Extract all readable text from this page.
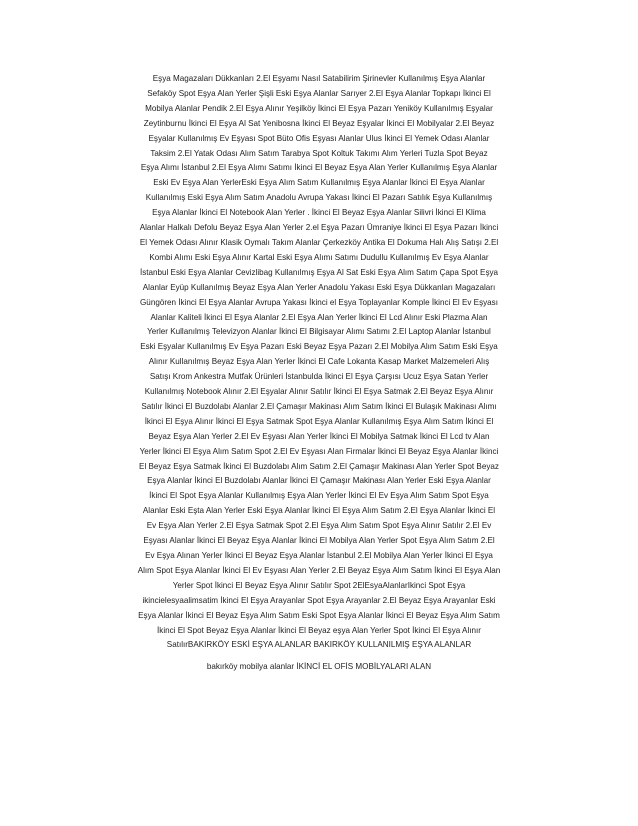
Eşya Magazaları Dükkanları 2.El Eşyamı Nasıl Satabilirim Şirinevler Kullanılmış Eşya Alanlar
Sefaköy Spot Eşya Alan Yerler Şişli Eski Eşya Alanlar Sarıyer 2.El Eşya Alanlar Topkapı İkinci El
Mobilya Alanlar Pendik 2.El Eşya Alınır Yeşilköy İkinci El Eşya Pazarı Yeniköy Kullanılmış Eşyalar
Zeytinburnu İkinci El Eşya Al Sat Yenibosna İkinci El Beyaz Eşyalar İkinci El Mobilyalar 2.El Beyaz
Eşyalar Kullanılmış Ev Eşyası Spot Büto Ofis Eşyası Alanlar Ulus İkinci El Yemek Odası Alanlar
Taksim 2.El Yatak Odası Alım Satım Tarabya Spot Koltuk Takımı Alım Yerleri Tuzla Spot Beyaz
Eşya Alımı İstanbul 2.El Eşya Alımı Satımı İkinci El Beyaz Eşya Alan Yerler Kullanılmış Eşya Alanlar
Eski Ev Eşya Alan YerlerEski Eşya Alım Satım Kullanılmış Eşya Alanlar İkinci El Eşya Alanlar
Kullanılmış Eski Eşya Alım Satım Anadolu Avrupa Yakası İkinci El Pazarı Satılık Eşya Kullanılmış
Eşya Alanlar İkinci El Notebook Alan Yerler . İkinci El Beyaz Eşya Alanlar Silivri İkinci El Klima
Alanlar Halkalı Defolu Beyaz Eşya Alan Yerler 2.el Eşya Pazarı Ümraniye İkinci El Eşya Pazarı İkinci
El Yemek Odası Alınır Klasik Oymalı Takım Alanlar Çerkezköy Antika El Dokuma Halı Alış Satışı 2.El
Kombi Alımı Eski Eşya Alınır Kartal Eski Eşya Alımı Satımı Dudullu Kullanılmış Ev Eşya Alanlar
İstanbul Eski Eşya Alanlar Cevizlibag Kullanılmış Eşya Al Sat Eski Eşya Alım Satım Çapa Spot Eşya
Alanlar Eyüp Kullanılmış Beyaz Eşya Alan Yerler Anadolu Yakası Eski Eşya Dükkanları Magazaları
Güngören İkinci El Eşya Alanlar Avrupa Yakası İkinci el Eşya Toplayanlar Komple İkinci El Ev Eşyası
Alanlar Kaliteli İkinci El Eşya Alanlar 2.El Eşya Alan Yerler İkinci El Lcd Alınır Eski Plazma Alan
Yerler Kullanılmış Televizyon Alanlar İkinci El Bilgisayar Alımı Satımı 2.El Laptop Alanlar İstanbul
Eski Eşyalar Kullanılmış Ev Eşya Pazarı Eski Beyaz Eşya Pazarı 2.El Mobilya Alım Satım Eski Eşya
Alınır Kullanılmış Beyaz Eşya Alan Yerler İkinci El Cafe Lokanta Kasap Market Malzemeleri Alış
Satışı Krom Ankestra Mutfak Ürünleri İstanbulda İkinci El Eşya Çarşısı Ucuz Eşya Satan Yerler
Kullanılmış Notebook Alınır 2.El Eşyalar Alınır Satılır İkinci El Eşya Satmak 2.El Beyaz Eşya Alınır
Satılır İkinci El Buzdolabı Alanlar 2.El Çamaşır Makinası Alım Satım İkinci El Bulaşık Makinası Alımı
İkinci El Eşya Alınır İkinci El Eşya Satmak Spot Eşya Alanlar Kullanılmış Eşya Alım Satım İkinci El
Beyaz Eşya Alan Yerler 2.El Ev Eşyası Alan Yerler İkinci El Mobilya Satmak İkinci El Lcd tv Alan
Yerler İkinci El Eşya Alım Satım Spot 2.El Ev Eşyası Alan Firmalar İkinci El Beyaz Eşya Alanlar İkinci
El Beyaz Eşya Satmak İkinci El Buzdolabı Alım Satım 2.El Çamaşır Makinası Alan Yerler Spot Beyaz
Eşya Alanlar İkinci El Buzdolabı Alanlar İkinci El Çamaşır Makinası Alan Yerler Eski Eşya Alanlar
İkinci El Spot Eşya Alanlar Kullanılmış Eşya Alan Yerler İkinci El Ev Eşya Alım Satım Spot Eşya
Alanlar Eski Eşta Alan Yerler Eski Eşya Alanlar İkinci El Eşya Alım Satım 2.El Eşya Alanlar İkinci El
Ev Eşya Alan Yerler 2.El Eşya Satmak Spot 2.El Eşya Alım Satım Spot Eşya Alınır Satılır 2.El Ev
Eşyası Alanlar İkinci El Beyaz Eşya Alanlar İkinci El Mobilya Alan Yerler Spot Eşya Alım Satım 2.El
Ev Eşya Alınan Yerler İkinci El Beyaz Eşya Alanlar İstanbul 2.El Mobilya Alan Yerler İkinci El Eşya
Alım Spot Eşya Alanlar İkinci El Ev Eşyası Alan Yerler 2.El Beyaz Eşya Alım Satım İkinci El Eşya Alan
Yerler Spot İkinci El Beyaz Eşya Alınır Satılır Spot 2ElEsyaAlanlarIkinci Spot Eşya
ikincielesyaalimsatim İkinci El Eşya Arayanlar Spot Eşya Arayanlar 2.El Beyaz Eşya Arayanlar Eski
Eşya Alanlar İkinci El Beyaz Eşya Alım Satım Eski Spot Eşya Alanlar İkinci El Beyaz Eşya Alım Satım
İkinci El Spot Beyaz Eşya Alanlar İkinci El Beyaz eşya Alan Yerler Spot İkinci El Eşya Alınır
SatılırBAKIRKÖY ESKİ EŞYA ALANLAR BAKIRKÖY KULLANILMIŞ EŞYA ALANLAR

bakırköy mobilya alanlar İKİNCİ EL OFİS MOBİLYALARI ALAN
